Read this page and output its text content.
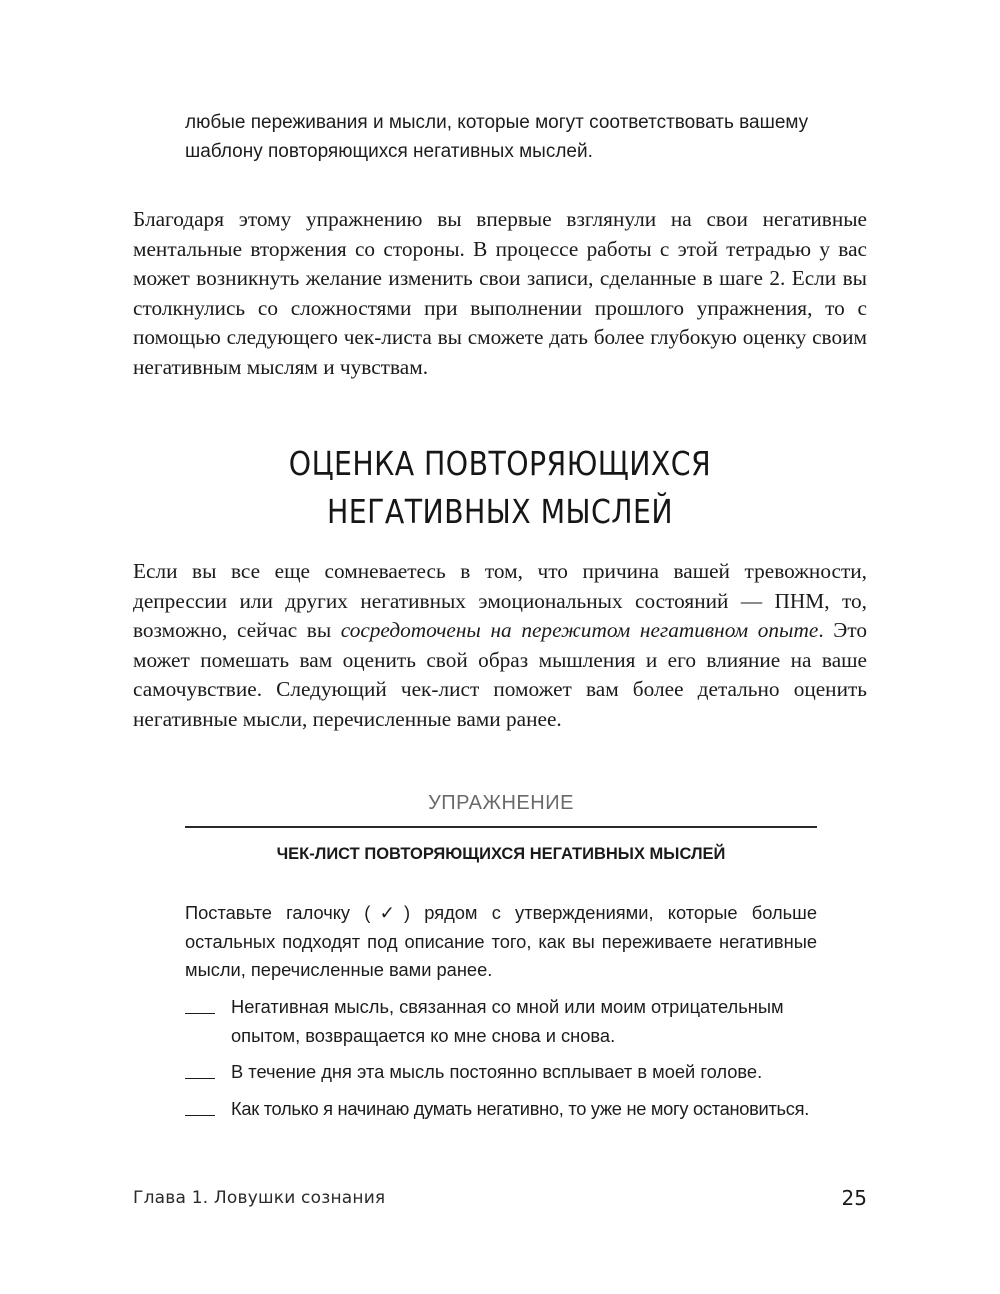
любые переживания и мысли, которые могут соответствовать вашему шаблону повторяющихся негативных мыслей.

Благодаря этому упражнению вы впервые взглянули на свои негативные ментальные вторжения со стороны. В процессе работы с этой тетрадью у вас может возникнуть желание изменить свои записи, сделанные в шаге 2. Если вы столкнулись со сложностями при выполнении прошлого упражнения, то с помощью следующего чек-листа вы сможете дать более глубокую оценку своим негативным мыслям и чувствам.

ОЦЕНКА ПОВТОРЯЮЩИХСЯ
НЕГАТИВНЫХ МЫСЛЕЙ

Если вы все еще сомневаетесь в том, что причина вашей тревожности, депрессии или других негативных эмоциональных состояний — ПНМ, то, возможно, сейчас вы сосредоточены на пережитом негативном опыте. Это может помешать вам оценить свой образ мышления и его влияние на ваше самочувствие. Следующий чек-лист поможет вам более детально оценить негативные мысли, перечисленные вами ранее.

УПРАЖНЕНИЕ
ЧЕК-ЛИСТ ПОВТОРЯЮЩИХСЯ НЕГАТИВНЫХ МЫСЛЕЙ

Поставьте галочку (✓) рядом с утверждениями, которые больше остальных подходят под описание того, как вы переживаете негативные мысли, перечисленные вами ранее.

Негативная мысль, связанная со мной или моим отрицательным опытом, возвращается ко мне снова и снова.
В течение дня эта мысль постоянно всплывает в моей голове.
Как только я начинаю думать негативно, то уже не могу остановиться.
Глава 1. Ловушки сознания	25
